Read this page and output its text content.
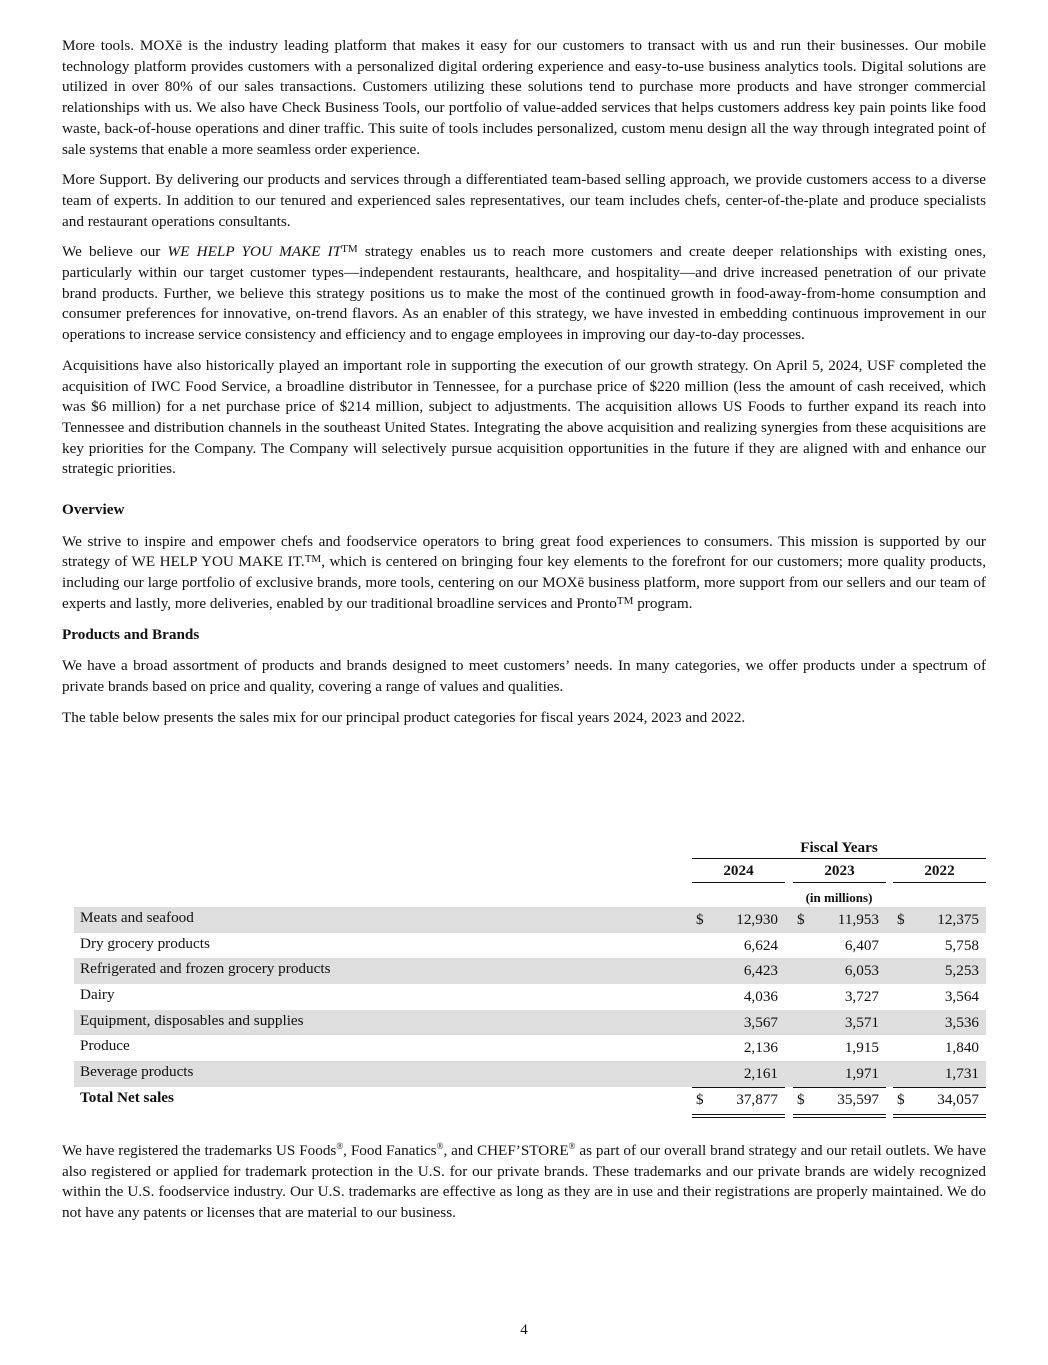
More tools. MOXē is the industry leading platform that makes it easy for our customers to transact with us and run their businesses. Our mobile technology platform provides customers with a personalized digital ordering experience and easy-to-use business analytics tools. Digital solutions are utilized in over 80% of our sales transactions. Customers utilizing these solutions tend to purchase more products and have stronger commercial relationships with us. We also have Check Business Tools, our portfolio of value-added services that helps customers address key pain points like food waste, back-of-house operations and diner traffic. This suite of tools includes personalized, custom menu design all the way through integrated point of sale systems that enable a more seamless order experience.

More Support. By delivering our products and services through a differentiated team-based selling approach, we provide customers access to a diverse team of experts. In addition to our tenured and experienced sales representatives, our team includes chefs, center-of-the-plate and produce specialists and restaurant operations consultants.

We believe our WE HELP YOU MAKE IT™ strategy enables us to reach more customers and create deeper relationships with existing ones, particularly within our target customer types—independent restaurants, healthcare, and hospitality—and drive increased penetration of our private brand products. Further, we believe this strategy positions us to make the most of the continued growth in food-away-from-home consumption and consumer preferences for innovative, on-trend flavors. As an enabler of this strategy, we have invested in embedding continuous improvement in our operations to increase service consistency and efficiency and to engage employees in improving our day-to-day processes.

Acquisitions have also historically played an important role in supporting the execution of our growth strategy. On April 5, 2024, USF completed the acquisition of IWC Food Service, a broadline distributor in Tennessee, for a purchase price of $220 million (less the amount of cash received, which was $6 million) for a net purchase price of $214 million, subject to adjustments. The acquisition allows US Foods to further expand its reach into Tennessee and distribution channels in the southeast United States. Integrating the above acquisition and realizing synergies from these acquisitions are key priorities for the Company. The Company will selectively pursue acquisition opportunities in the future if they are aligned with and enhance our strategic priorities.

Overview

We strive to inspire and empower chefs and foodservice operators to bring great food experiences to consumers. This mission is supported by our strategy of WE HELP YOU MAKE IT.™, which is centered on bringing four key elements to the forefront for our customers; more quality products, including our large portfolio of exclusive brands, more tools, centering on our MOXē business platform, more support from our sellers and our team of experts and lastly, more deliveries, enabled by our traditional broadline services and Pronto™ program.

Products and Brands

We have a broad assortment of products and brands designed to meet customers’ needs. In many categories, we offer products under a spectrum of private brands based on price and quality, covering a range of values and qualities.

The table below presents the sales mix for our principal product categories for fiscal years 2024, 2023 and 2022.

Fiscal Years
2024	2023	2022
(in millions)
Meats and seafood	$	12,930 $	11,953 $	12,375
Dry grocery products	6,624	6,407	5,758
Refrigerated and frozen grocery products	6,423	6,053	5,253
Dairy	4,036	3,727	3,564
Equipment, disposables and supplies	3,567	3,571	3,536
Produce	2,136	1,915	1,840
Beverage products	2,161	1,971	1,731
Total Net sales	$	37,877 $	35,597 $	34,057

We have registered the trademarks US Foods®, Food Fanatics®, and CHEF’STORE® as part of our overall brand strategy and our retail outlets. We have also registered or applied for trademark protection in the U.S. for our private brands. These trademarks and our private brands are widely recognized within the U.S. foodservice industry. Our U.S. trademarks are effective as long as they are in use and their registrations are properly maintained. We do not have any patents or licenses that are material to our business.

4
